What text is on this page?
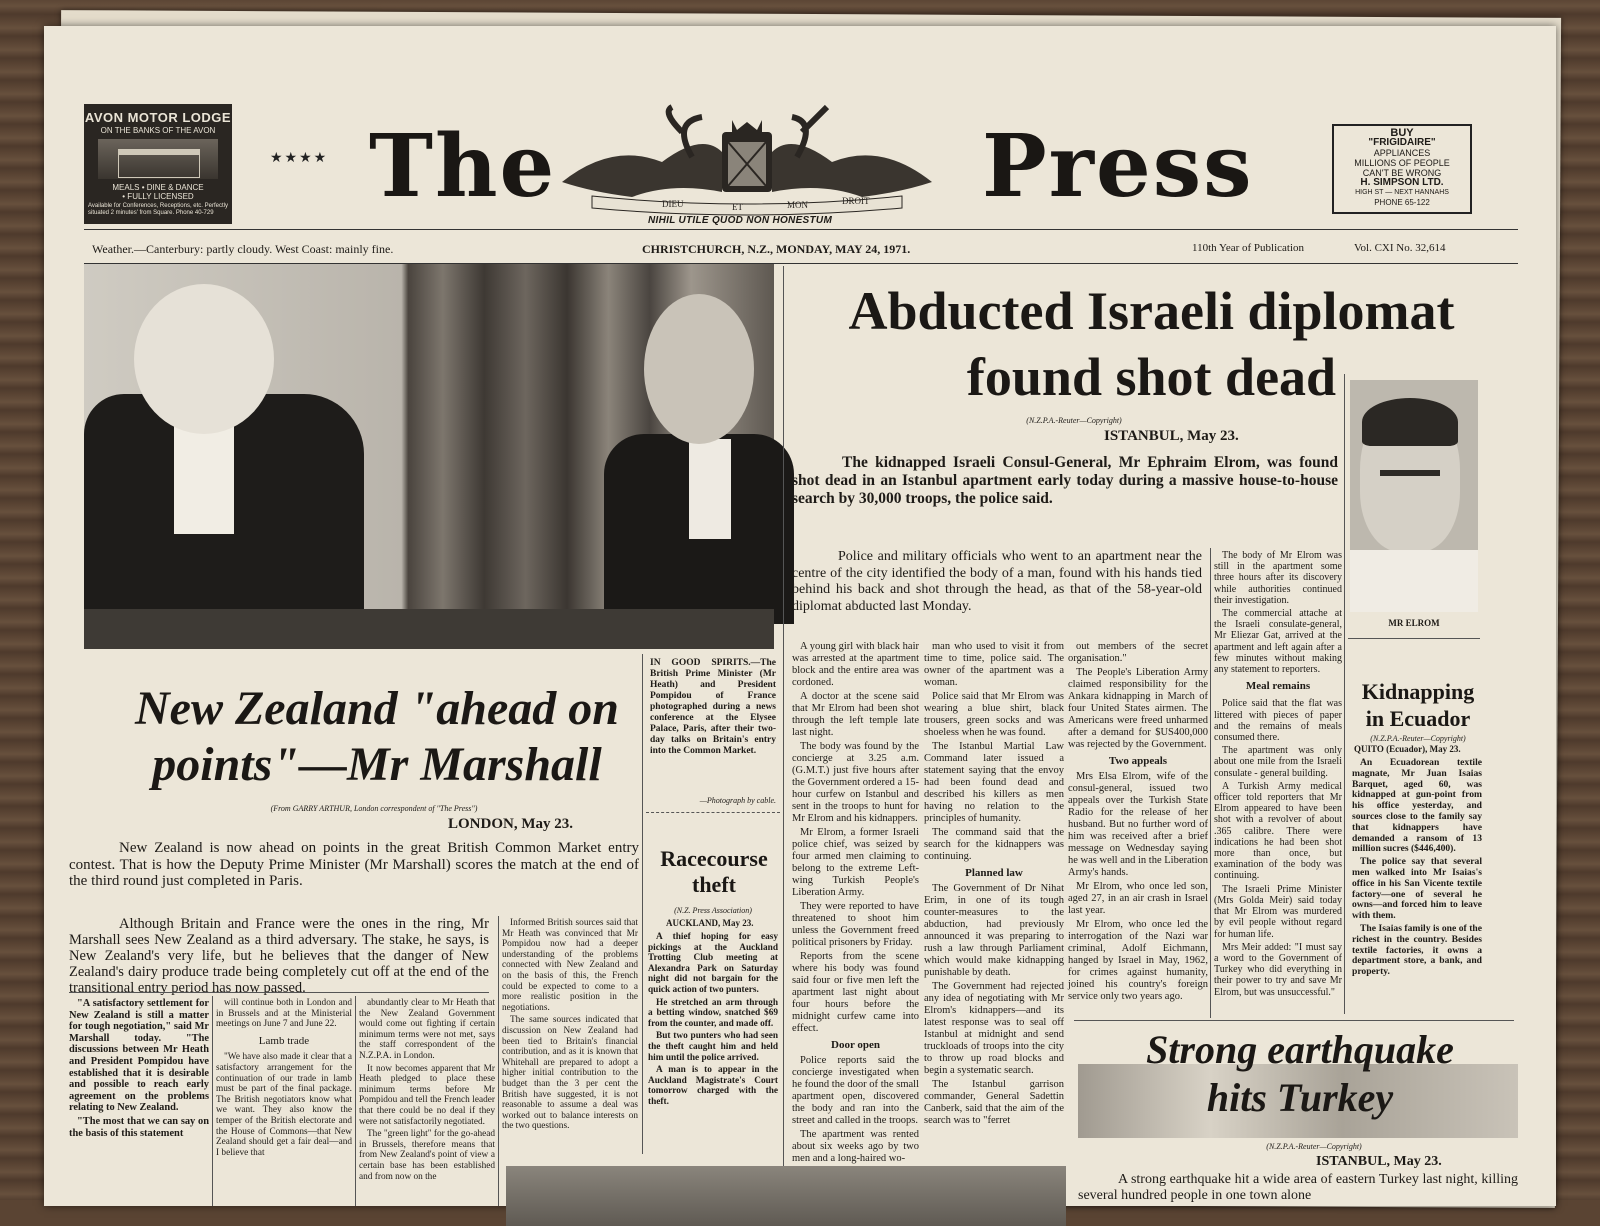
AVON MOTOR LODGE
ON THE BANKS OF THE AVON
MEALS • DINE & DANCE
• FULLY LICENSED
Available for Conferences, Receptions, etc. Perfectly situated 2 minutes' from Square. Phone 40-729
★★★★ The	DIEU	ET	MON	DROIT Press
NIHIL UTILE QUOD NON HONESTUM
BUY
"FRIGIDAIRE"
APPLIANCES
MILLIONS OF PEOPLE
CAN'T BE WRONG
H. SIMPSON LTD.
HIGH ST — NEXT HANNAHS
PHONE 65-122
Weather.—Canterbury: partly cloudy. West Coast: mainly fine.	CHRISTCHURCH, N.Z., MONDAY, MAY 24, 1971.	110th Year of Publication	Vol. CXI No. 32,614
Abducted Israeli diplomat
found shot dead
(N.Z.P.A.-Reuter—Copyright)
ISTANBUL, May 23.
The kidnapped Israeli Consul-General, Mr Ephraim Elrom, was found shot dead in an Istanbul apartment early today during a massive house-to-house search by 30,000 troops, the police said.
MR ELROM
Police and military officials who went to an apartment near the centre of the city identified the body of a man, found with his hands tied behind his back and shot through the head, as that of the 58-year-old diplomat abducted last Monday.

A young girl with black hair was arrested at the apartment block and the entire area was cordoned.

A doctor at the scene said that Mr Elrom had been shot through the left temple late last night.

The body was found by the concierge at 3.25 a.m. (G.M.T.) just five hours after the Government ordered a 15-hour curfew on Istanbul and sent in the troops to hunt for Mr Elrom and his kidnappers.

Mr Elrom, a former Israeli police chief, was seized by four armed men claiming to belong to the extreme Left-wing Turkish People's Liberation Army.

They were reported to have threatened to shoot him unless the Government freed political prisoners by Friday.

Reports from the scene where his body was found said four or five men left the apartment last night about four hours before the midnight curfew came into effect.

Door open

Police reports said the concierge investigated when he found the door of the small apartment open, discovered the body and ran into the street and called in the troops.

The apartment was rented about six weeks ago by two men and a long-haired wo-

man who used to visit it from time to time, police said. The owner of the apartment was a woman.

Police said that Mr Elrom was wearing a blue shirt, black trousers, green socks and was shoeless when he was found.

The Istanbul Martial Law Command later issued a statement saying that the envoy had been found dead and described his killers as men having no relation to the principles of humanity.

The command said that the search for the kidnappers was continuing.

Planned law

The Government of Dr Nihat Erim, in one of its tough counter-measures to the abduction, had previously announced it was preparing to rush a law through Parliament which would make kidnapping punishable by death.

The Government had rejected any idea of negotiating with Mr Elrom's kidnappers—and its latest response was to seal off Istanbul at midnight and send truckloads of troops into the city to throw up road blocks and begin a systematic search.

The Istanbul garrison commander, General Sadettin Canberk, said that the aim of the search was to "ferret

out members of the secret organisation."

The People's Liberation Army claimed responsibility for the Ankara kidnapping in March of four United States airmen. The Americans were freed unharmed after a demand for $US400,000 was rejected by the Government.

Two appeals

Mrs Elsa Elrom, wife of the consul-general, issued two appeals over the Turkish State Radio for the release of her husband. But no further word of him was received after a brief message on Wednesday saying he was well and in the Liberation Army's hands.

Mr Elrom, who once led son, aged 27, in an air crash in Israel last year.

Mr Elrom, who once led the interrogation of the Nazi war criminal, Adolf Eichmann, hanged by Israel in May, 1962, for crimes against humanity, joined his country's foreign service only two years ago.

The body of Mr Elrom was still in the apartment some three hours after its discovery while authorities continued their investigation.

The commercial attache at the Israeli consulate-general, Mr Eliezar Gat, arrived at the apartment and left again after a few minutes without making any statement to reporters.

Meal remains

Police said that the flat was littered with pieces of paper and the remains of meals consumed there.

The apartment was only about one mile from the Israeli consulate - general building.

A Turkish Army medical officer told reporters that Mr Elrom appeared to have been shot with a revolver of about .365 calibre. There were indications he had been shot more than once, but examination of the body was continuing.

The Israeli Prime Minister (Mrs Golda Meir) said today that Mr Elrom was murdered by evil people without regard for human life.

Mrs Meir added: "I must say a word to the Government of Turkey who did everything in their power to try and save Mr Elrom, but was unsuccessful."

Kidnapping
in Ecuador
(N.Z.P.A.-Reuter—Copyright)
QUITO (Ecuador), May 23.

An Ecuadorean textile magnate, Mr Juan Isaias Barquet, aged 60, was kidnapped at gun-point from his office yesterday, and sources close to the family say that kidnappers have demanded a ransom of 13 million sucres ($446,400).

The police say that several men walked into Mr Isaias's office in his San Vicente textile factory—one of several he owns—and forced him to leave with them.

The Isaias family is one of the richest in the country. Besides textile factories, it owns a department store, a bank, and property.

Strong earthquake
hits Turkey
(N.Z.P.A.-Reuter—Copyright)
ISTANBUL, May 23.
A strong earthquake hit a wide area of eastern Turkey last night, killing several hundred people in one town alone
New Zealand "ahead on
points"—Mr Marshall
(From GARRY ARTHUR, London correspondent of "The Press")
LONDON, May 23.
New Zealand is now ahead on points in the great British Common Market entry contest. That is how the Deputy Prime Minister (Mr Marshall) scores the match at the end of the third round just completed in Paris.
Although Britain and France were the ones in the ring, Mr Marshall sees New Zealand as a third adversary. The stake, he says, is New Zealand's very life, but he believes that the danger of New Zealand's dairy produce trade being completely cut off at the end of the transitional entry period has now passed.

"A satisfactory settlement for New Zealand is still a matter for tough negotiation," said Mr Marshall today. "The discussions between Mr Heath and President Pompidou have established that it is desirable and possible to reach early agreement on the problems relating to New Zealand.

"The most that we can say on the basis of this statement

will continue both in London and in Brussels and at the Ministerial meetings on June 7 and June 22.

Lamb trade

"We have also made it clear that a satisfactory arrangement for the continuation of our trade in lamb must be part of the final package. The British negotiators know what we want. They also know the temper of the British electorate and the House of Commons—that New Zealand should get a fair deal—and I believe that

abundantly clear to Mr Heath that the New Zealand Government would come out fighting if certain minimum terms were not met, says the staff correspondent of the N.Z.P.A. in London.

It now becomes apparent that Mr Heath pledged to place these minimum terms before Mr Pompidou and tell the French leader that there could be no deal if they were not satisfactorily negotiated.

The "green light" for the go-ahead in Brussels, therefore means that from New Zealand's point of view a certain base has been established and from now on the

Informed British sources said that Mr Heath was convinced that Mr Pompidou now had a deeper understanding of the problems connected with New Zealand and on the basis of this, the French could be expected to come to a more realistic position in the negotiations.

The same sources indicated that discussion on New Zealand had been tied to Britain's financial contribution, and as it is known that Whitehall are prepared to adopt a higher initial contribution to the budget than the 3 per cent the British have suggested, it is not reasonable to assume a deal was worked out to balance interests on the two questions.

IN GOOD SPIRITS.—The British Prime Minister (Mr Heath) and President Pompidou of France photographed during a news conference at the Elysee Palace, Paris, after their two-day talks on Britain's entry into the Common Market.
—Photograph by cable.
Racecourse
theft
(N.Z. Press Association)
AUCKLAND, May 23.

A thief hoping for easy pickings at the Auckland Trotting Club meeting at Alexandra Park on Saturday night did not bargain for the quick action of two punters.

He stretched an arm through a betting window, snatched $69 from the counter, and made off.

But two punters who had seen the theft caught him and held him until the police arrived.

A man is to appear in the Auckland Magistrate's Court tomorrow charged with the theft.
